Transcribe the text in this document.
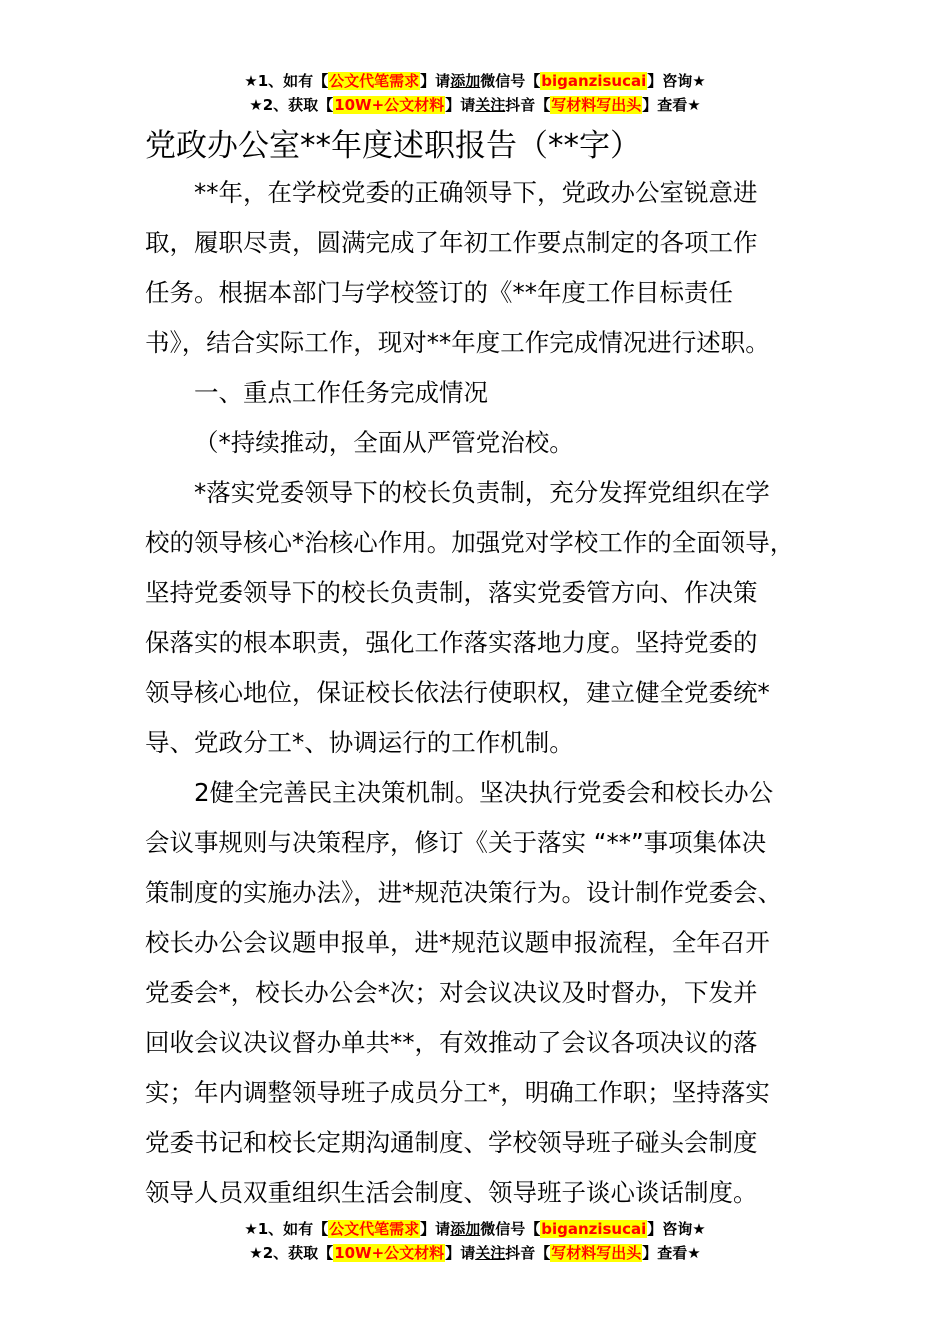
★1、如有【公文代笔需求】请添加微信号【biganzisucai】咨询★
★2、获取【10W+公文材料】请关注抖音【写材料写出头】查看★
党政办公室**年度述职报告（**字）

**年，在学校党委的正确领导下，党政办公室锐意进

取，履职尽责，圆满完成了年初工作要点制定的各项工作

任务。根据本部门与学校签订的《**年度工作目标责任

书》，结合实际工作，现对**年度工作完成情况进行述职。

一、重点工作任务完成情况

（*持续推动，全面从严管党治校。

*落实党委领导下的校长负责制，充分发挥党组织在学

校的领导核心*治核心作用。加强党对学校工作的全面领导，

坚持党委领导下的校长负责制，落实党委管方向、作决策

保落实的根本职责，强化工作落实落地力度。坚持党委的

领导核心地位，保证校长依法行使职权，建立健全党委统*

导、党政分工*、协调运行的工作机制。

2健全完善民主决策机制。坚决执行党委会和校长办公

会议事规则与决策程序，修订《关于落实 “**”事项集体决

策制度的实施办法》，进*规范决策行为。设计制作党委会、

校长办公会议题申报单，进*规范议题申报流程，全年召开

党委会*，校长办公会*次；对会议决议及时督办，下发并

回收会议决议督办单共**，有效推动了会议各项决议的落

实；年内调整领导班子成员分工*，明确工作职；坚持落实

党委书记和校长定期沟通制度、学校领导班子碰头会制度

领导人员双重组织生活会制度、领导班子谈心谈话制度。

★1、如有【公文代笔需求】请添加微信号【biganzisucai】咨询★
★2、获取【10W+公文材料】请关注抖音【写材料写出头】查看★
